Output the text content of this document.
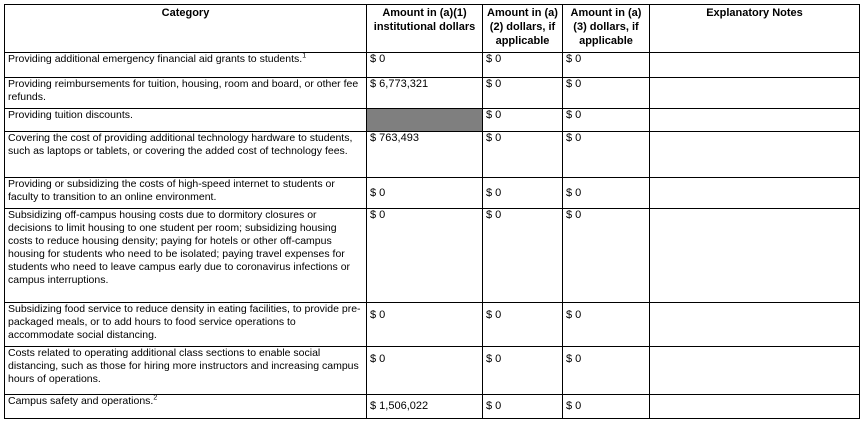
Category	Amount in (a)(1) institutional dollars	Amount in (a)(2) dollars, if applicable	Amount in (a)(3) dollars, if applicable	Explanatory Notes
Providing additional emergency financial aid grants to students.$^1$	$ 0	$ 0	$ 0	
Providing reimbursements for tuition, housing, room and board, or other fee refunds.	$ 6,773,321	$ 0	$ 0	
Providing tuition discounts.		$ 0	$ 0	
Covering the cost of providing additional technology hardware to students, such as laptops or tablets, or covering the added cost of technology fees.	$ 763,493	$ 0	$ 0	
Providing or subsidizing the costs of high-speed internet to students or faculty to transition to an online environment.	$ 0	$ 0	$ 0	
Subsidizing off-campus housing costs due to dormitory closures or decisions to limit housing to one student per room; subsidizing housing costs to reduce housing density; paying for hotels or other off-campus housing for students who need to be isolated; paying travel expenses for students who need to leave campus early due to coronavirus infections or campus interruptions.	$ 0	$ 0	$ 0	
Subsidizing food service to reduce density in eating facilities, to provide pre-packaged meals, or to add hours to food service operations to accommodate social distancing.	$ 0	$ 0	$ 0	
Costs related to operating additional class sections to enable social distancing, such as those for hiring more instructors and increasing campus hours of operations.	$ 0	$ 0	$ 0	
Campus safety and operations.$^2$	$ 1,506,022	$ 0	$ 0	
